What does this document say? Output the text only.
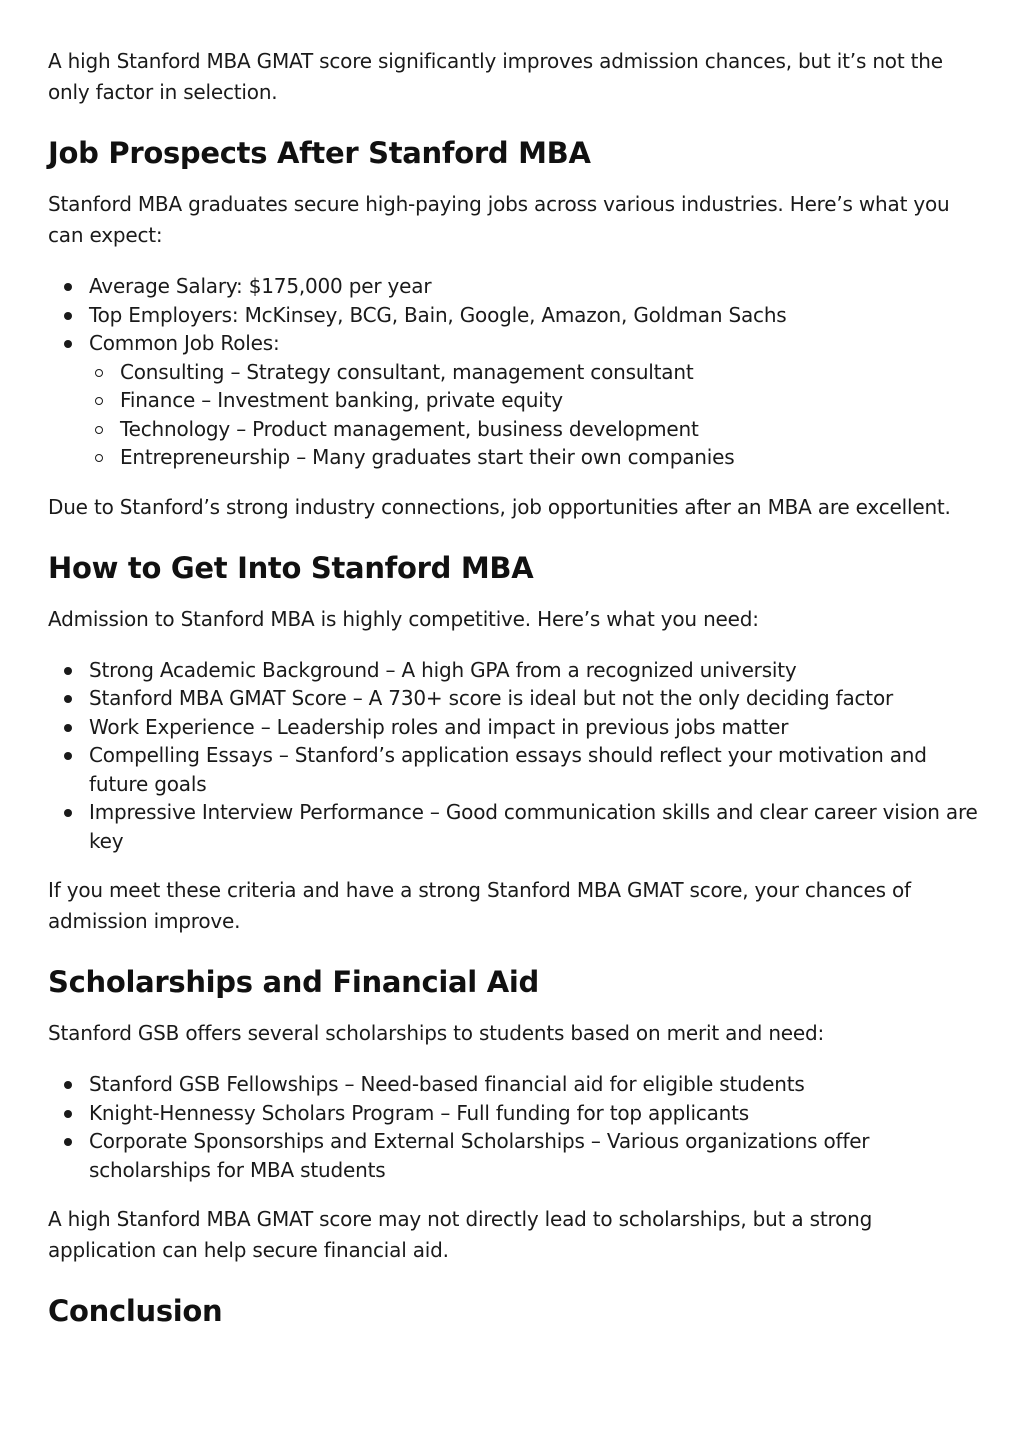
A high Stanford MBA GMAT score significantly improves admission chances, but it’s not the only factor in selection.

Job Prospects After Stanford MBA

Stanford MBA graduates secure high-paying jobs across various industries. Here’s what you can expect:

Average Salary: $175,000 per year
Top Employers: McKinsey, BCG, Bain, Google, Amazon, Goldman Sachs
Common Job Roles:
Consulting – Strategy consultant, management consultant
Finance – Investment banking, private equity
Technology – Product management, business development
Entrepreneurship – Many graduates start their own companies

Due to Stanford’s strong industry connections, job opportunities after an MBA are excellent.

How to Get Into Stanford MBA

Admission to Stanford MBA is highly competitive. Here’s what you need:

Strong Academic Background – A high GPA from a recognized university
Stanford MBA GMAT Score – A 730+ score is ideal but not the only deciding factor
Work Experience – Leadership roles and impact in previous jobs matter
Compelling Essays – Stanford’s application essays should reflect your motivation and future goals
Impressive Interview Performance – Good communication skills and clear career vision are key

If you meet these criteria and have a strong Stanford MBA GMAT score, your chances of admission improve.

Scholarships and Financial Aid

Stanford GSB offers several scholarships to students based on merit and need:

Stanford GSB Fellowships – Need-based financial aid for eligible students
Knight-Hennessy Scholars Program – Full funding for top applicants
Corporate Sponsorships and External Scholarships – Various organizations offer scholarships for MBA students

A high Stanford MBA GMAT score may not directly lead to scholarships, but a strong application can help secure financial aid.

Conclusion
